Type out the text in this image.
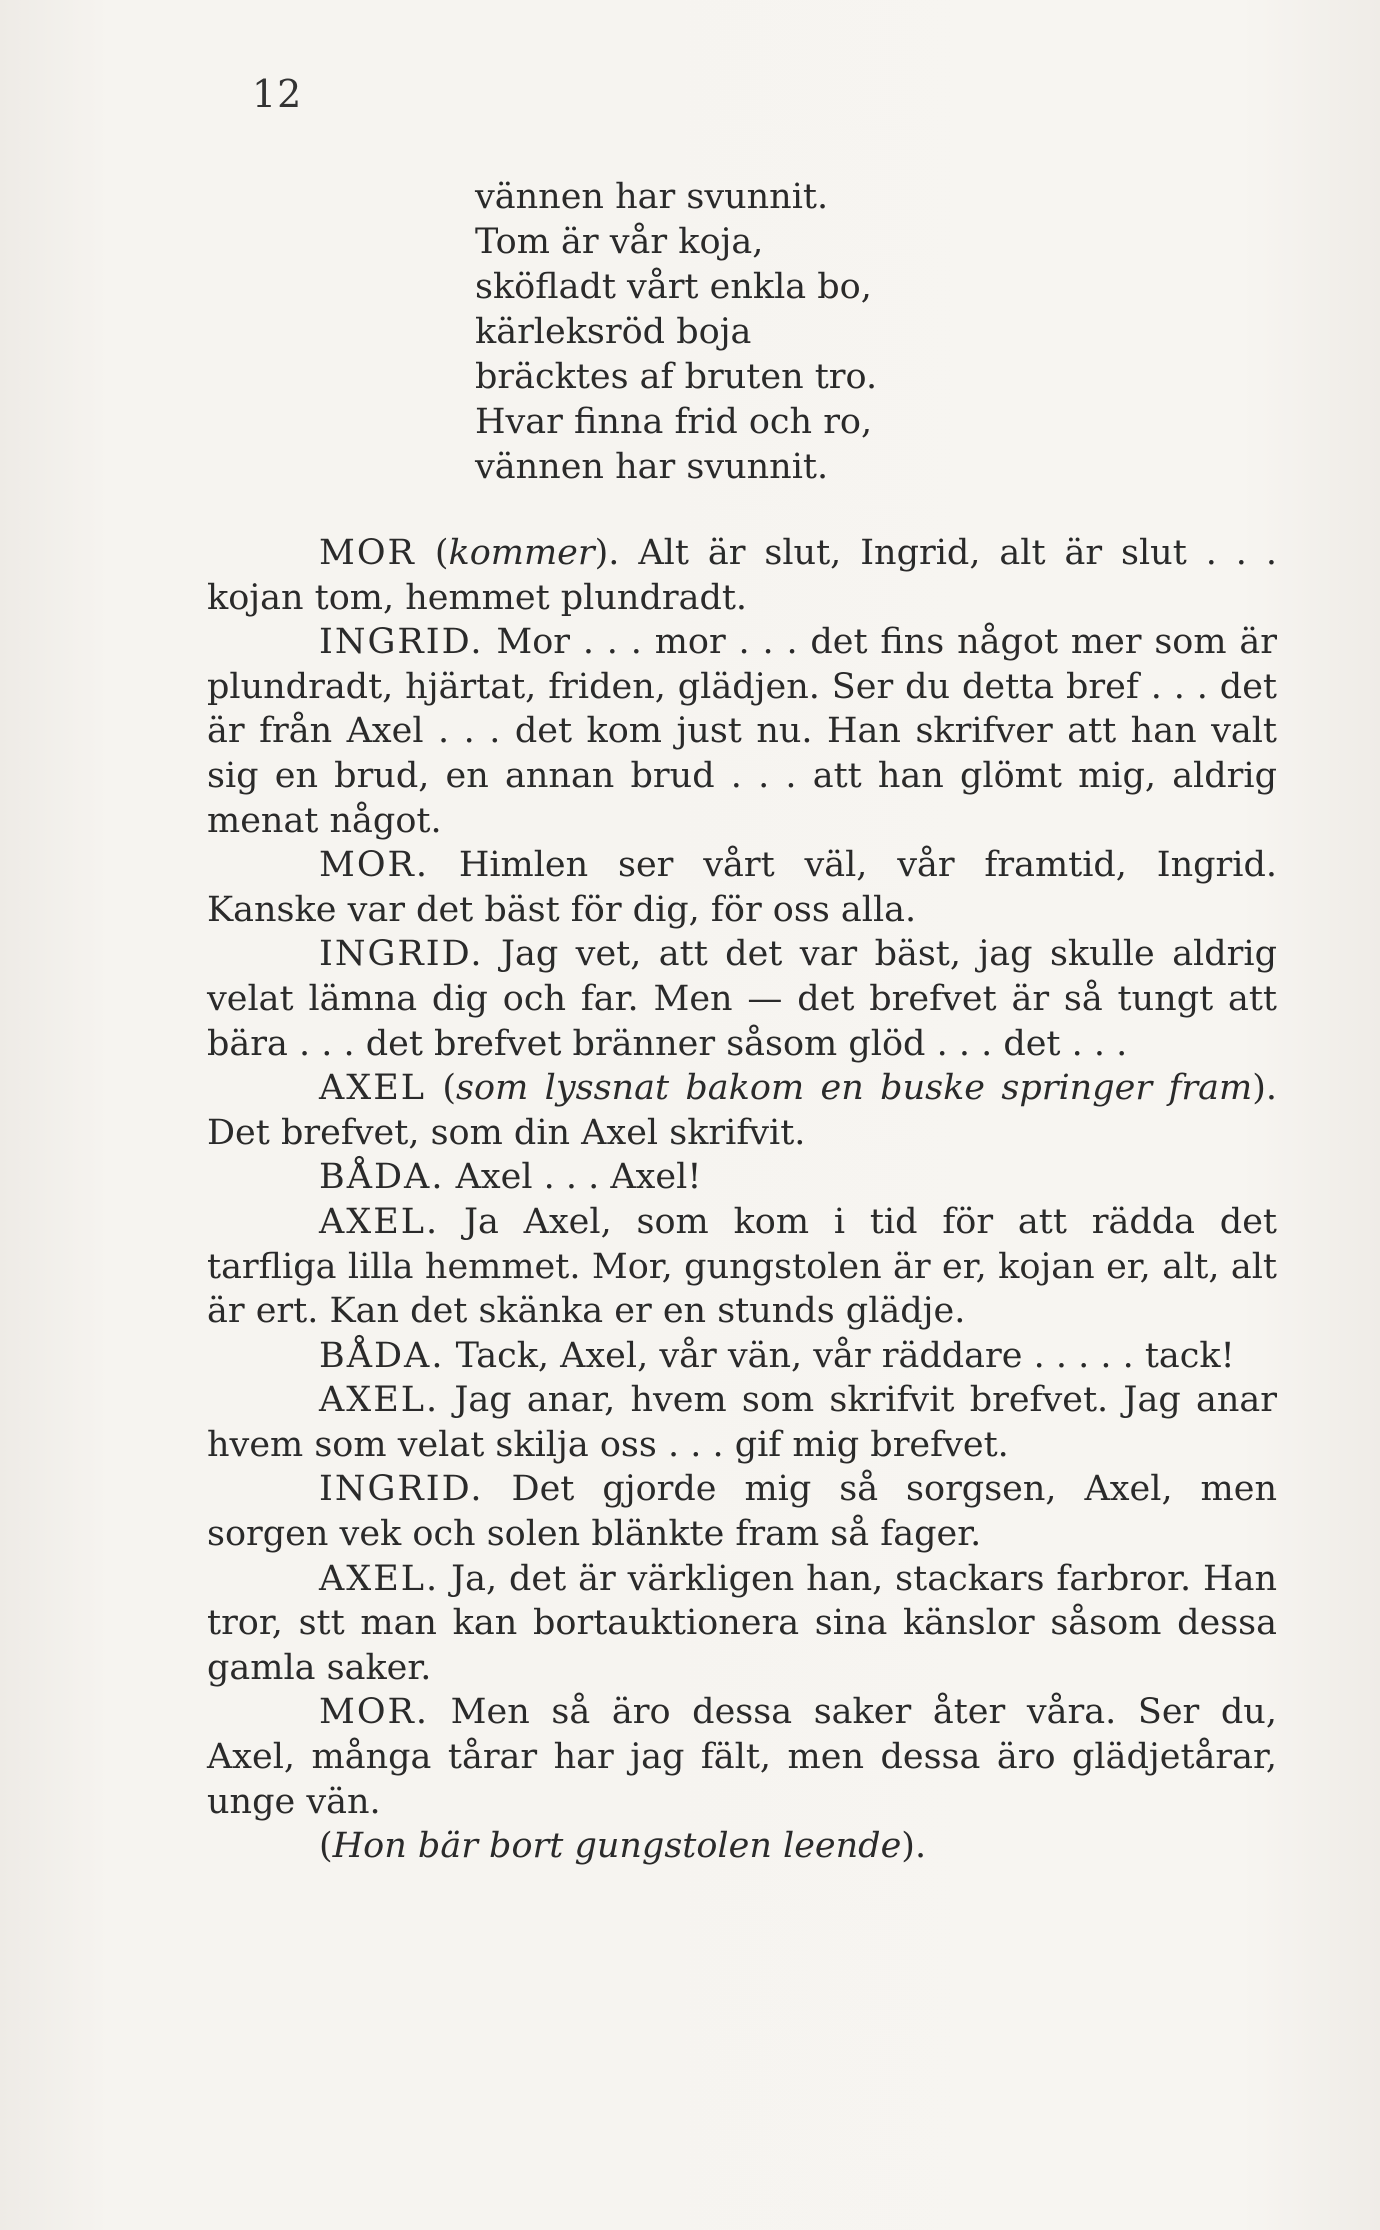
12
vännen har svunnit.
Tom är vår koja,
sköfladt vårt enkla bo,
kärleksröd boja
bräcktes af bruten tro.
Hvar finna frid och ro,
vännen har svunnit.

MOR (kommer). Alt är slut, Ingrid, alt är slut . . . kojan tom, hemmet plundradt.

INGRID. Mor . . . mor . . . det fins något mer som är plundradt, hjärtat, friden, glädjen. Ser du detta bref . . . det är från Axel . . . det kom just nu. Han skrifver att han valt sig en brud, en annan brud . . . att han glömt mig, aldrig menat något.

MOR. Himlen ser vårt väl, vår framtid, Ingrid. Kanske var det bäst för dig, för oss alla.

INGRID. Jag vet, att det var bäst, jag skulle aldrig velat lämna dig och far. Men — det brefvet är så tungt att bära . . . det brefvet bränner såsom glöd . . . det . . .

AXEL (som lyssnat bakom en buske springer fram). Det brefvet, som din Axel skrifvit.

BÅDA. Axel . . . Axel!

AXEL. Ja Axel, som kom i tid för att rädda det tarfliga lilla hemmet. Mor, gungstolen är er, kojan er, alt, alt är ert. Kan det skänka er en stunds glädje.

BÅDA. Tack, Axel, vår vän, vår räddare . . . . . tack!

AXEL. Jag anar, hvem som skrifvit brefvet. Jag anar hvem som velat skilja oss . . . gif mig brefvet.

INGRID. Det gjorde mig så sorgsen, Axel, men sorgen vek och solen blänkte fram så fager.

AXEL. Ja, det är värkligen han, stackars farbror. Han tror, stt man kan bortauktionera sina känslor såsom dessa gamla saker.

MOR. Men så äro dessa saker åter våra. Ser du, Axel, många tårar har jag fält, men dessa äro glädjetårar, unge vän.

(Hon bär bort gungstolen leende).
